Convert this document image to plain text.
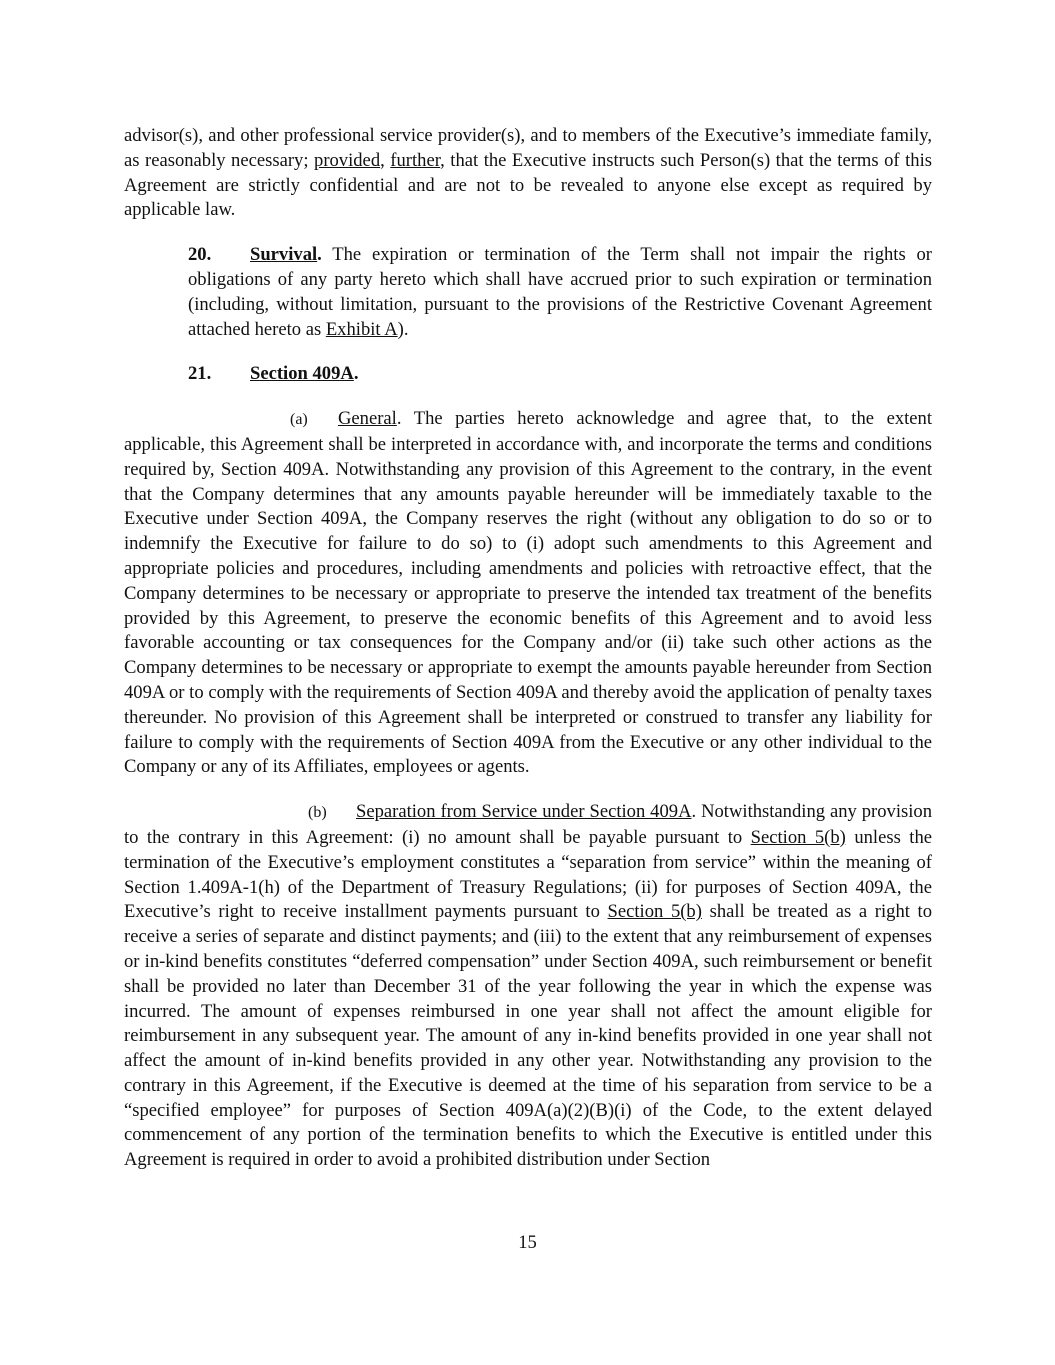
advisor(s), and other professional service provider(s), and to members of the Executive’s immediate family, as reasonably necessary; provided, further, that the Executive instructs such Person(s) that the terms of this Agreement are strictly confidential and are not to be revealed to anyone else except as required by applicable law.

20. Survival. The expiration or termination of the Term shall not impair the rights or obligations of any party hereto which shall have accrued prior to such expiration or termination (including, without limitation, pursuant to the provisions of the Restrictive Covenant Agreement attached hereto as Exhibit A).

21. Section 409A.

(a) General. The parties hereto acknowledge and agree that, to the extent applicable, this Agreement shall be interpreted in accordance with, and incorporate the terms and conditions required by, Section 409A. Notwithstanding any provision of this Agreement to the contrary, in the event that the Company determines that any amounts payable hereunder will be immediately taxable to the Executive under Section 409A, the Company reserves the right (without any obligation to do so or to indemnify the Executive for failure to do so) to (i) adopt such amendments to this Agreement and appropriate policies and procedures, including amendments and policies with retroactive effect, that the Company determines to be necessary or appropriate to preserve the intended tax treatment of the benefits provided by this Agreement, to preserve the economic benefits of this Agreement and to avoid less favorable accounting or tax consequences for the Company and/or (ii) take such other actions as the Company determines to be necessary or appropriate to exempt the amounts payable hereunder from Section 409A or to comply with the requirements of Section 409A and thereby avoid the application of penalty taxes thereunder. No provision of this Agreement shall be interpreted or construed to transfer any liability for failure to comply with the requirements of Section 409A from the Executive or any other individual to the Company or any of its Affiliates, employees or agents.

(b) Separation from Service under Section 409A. Notwithstanding any provision to the contrary in this Agreement: (i) no amount shall be payable pursuant to Section 5(b) unless the termination of the Executive’s employment constitutes a “separation from service” within the meaning of Section 1.409A-1(h) of the Department of Treasury Regulations; (ii) for purposes of Section 409A, the Executive’s right to receive installment payments pursuant to Section 5(b) shall be treated as a right to receive a series of separate and distinct payments; and (iii) to the extent that any reimbursement of expenses or in-kind benefits constitutes “deferred compensation” under Section 409A, such reimbursement or benefit shall be provided no later than December 31 of the year following the year in which the expense was incurred. The amount of expenses reimbursed in one year shall not affect the amount eligible for reimbursement in any subsequent year. The amount of any in-kind benefits provided in one year shall not affect the amount of in-kind benefits provided in any other year. Notwithstanding any provision to the contrary in this Agreement, if the Executive is deemed at the time of his separation from service to be a “specified employee” for purposes of Section 409A(a)(2)(B)(i) of the Code, to the extent delayed commencement of any portion of the termination benefits to which the Executive is entitled under this Agreement is required in order to avoid a prohibited distribution under Section

15
